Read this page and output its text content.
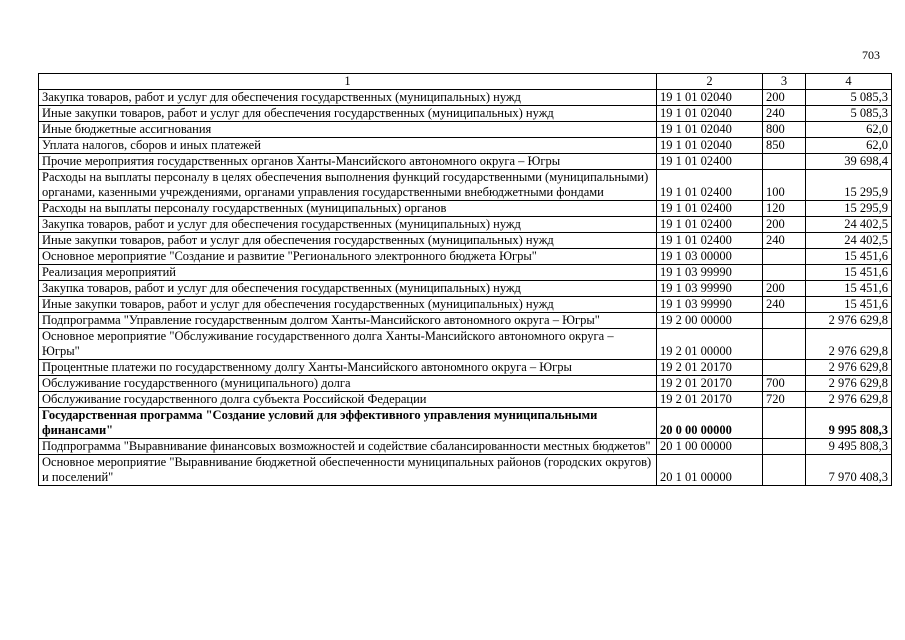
703
1	2	3	4
Закупка товаров, работ и услуг для обеспечения государственных (муниципальных) нужд	19 1 01 02040	200	5 085,3
Иные закупки товаров, работ и услуг для обеспечения государственных (муниципальных) нужд	19 1 01 02040	240	5 085,3
Иные бюджетные ассигнования	19 1 01 02040	800	62,0
Уплата налогов, сборов и иных платежей	19 1 01 02040	850	62,0
Прочие мероприятия государственных органов Ханты-Мансийского автономного округа – Югры	19 1 01 02400		39 698,4
Расходы на выплаты персоналу в целях обеспечения выполнения функций государственными (муниципальными) органами, казенными учреждениями, органами управления государственными внебюджетными фондами	19 1 01 02400	100	15 295,9
Расходы на выплаты персоналу государственных (муниципальных) органов	19 1 01 02400	120	15 295,9
Закупка товаров, работ и услуг для обеспечения государственных (муниципальных) нужд	19 1 01 02400	200	24 402,5
Иные закупки товаров, работ и услуг для обеспечения государственных (муниципальных) нужд	19 1 01 02400	240	24 402,5
Основное мероприятие "Создание и развитие "Регионального электронного бюджета Югры"	19 1 03 00000		15 451,6
Реализация мероприятий	19 1 03 99990		15 451,6
Закупка товаров, работ и услуг для обеспечения государственных (муниципальных) нужд	19 1 03 99990	200	15 451,6
Иные закупки товаров, работ и услуг для обеспечения государственных (муниципальных) нужд	19 1 03 99990	240	15 451,6
Подпрограмма "Управление государственным долгом Ханты-Мансийского автономного округа – Югры"	19 2 00 00000		2 976 629,8
Основное мероприятие "Обслуживание государственного долга Ханты-Мансийского автономного округа – Югры"	19 2 01 00000		2 976 629,8
Процентные платежи по государственному долгу Ханты-Мансийского автономного округа – Югры	19 2 01 20170		2 976 629,8
Обслуживание государственного (муниципального) долга	19 2 01 20170	700	2 976 629,8
Обслуживание государственного долга субъекта Российской Федерации	19 2 01 20170	720	2 976 629,8
Государственная программа "Создание условий для эффективного управления муниципальными финансами"	20 0 00 00000		9 995 808,3
Подпрограмма "Выравнивание финансовых возможностей и содействие сбалансированности местных бюджетов"	20 1 00 00000		9 495 808,3
Основное мероприятие "Выравнивание бюджетной обеспеченности муниципальных районов (городских округов) и поселений"	20 1 01 00000		7 970 408,3
